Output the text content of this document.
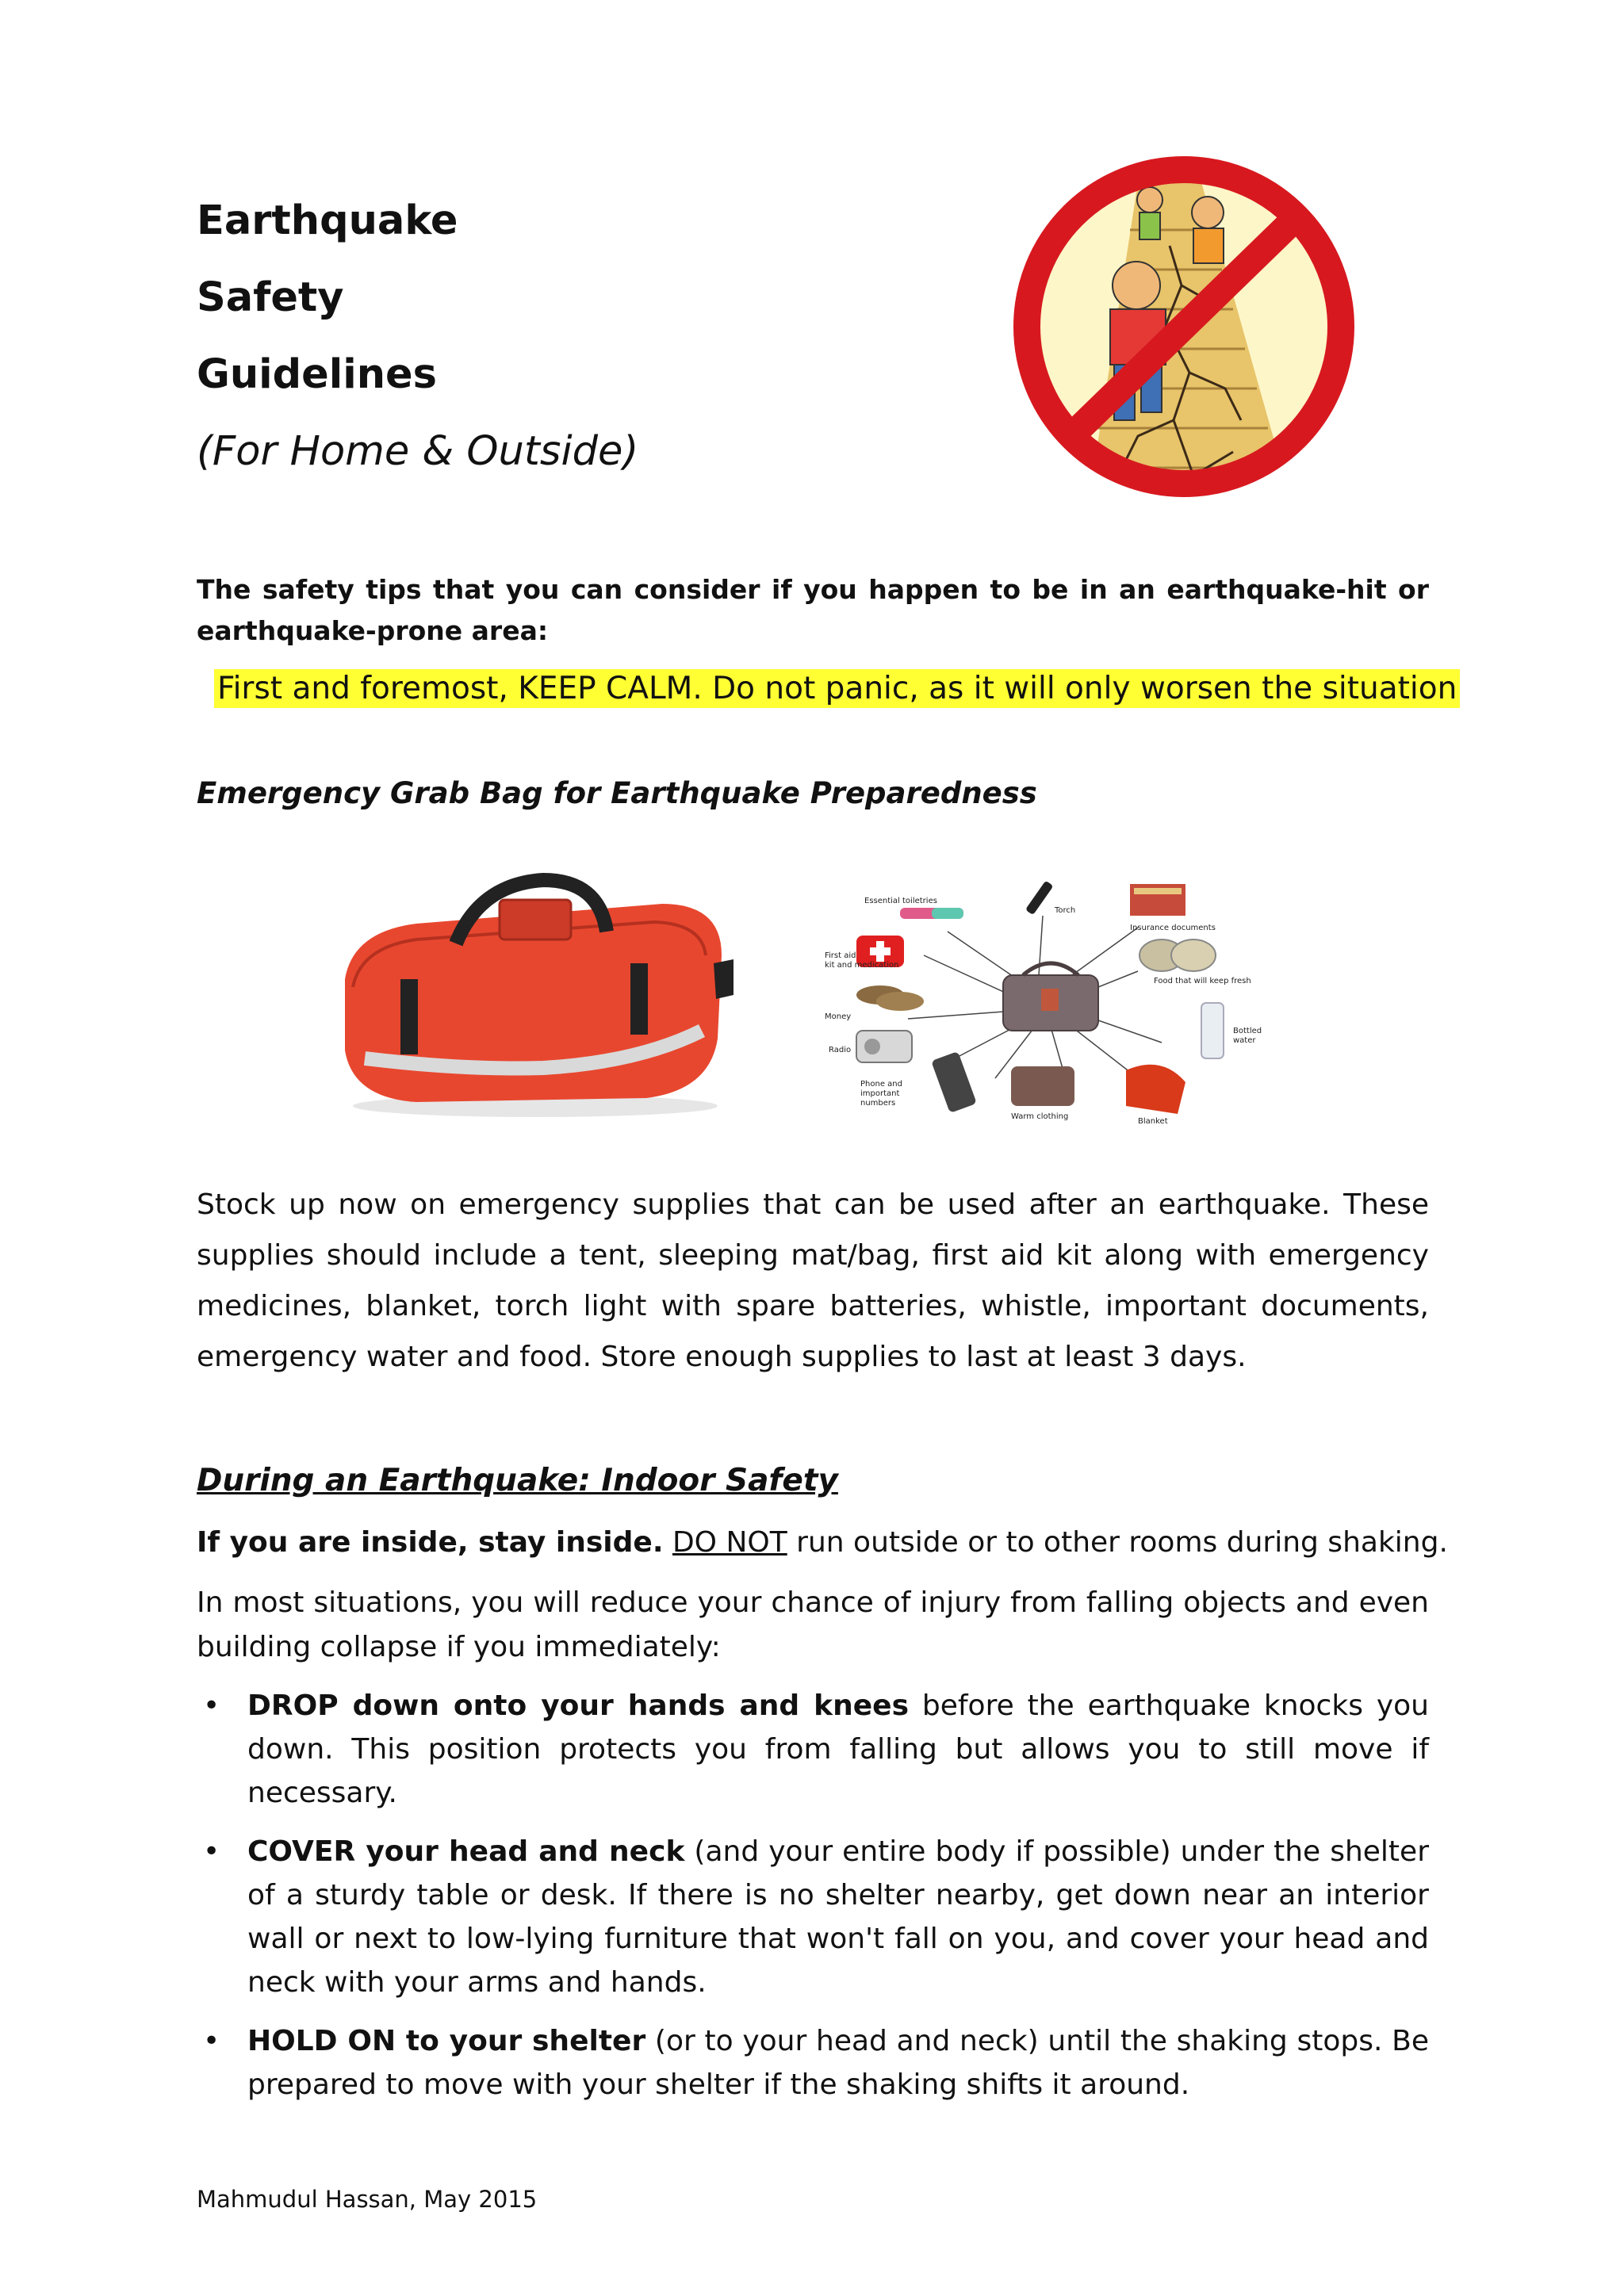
Earthquake
Safety
Guidelines
(For Home & Outside)
The safety tips that you can consider if you happen to be in an earthquake-hit or earthquake-prone area:
First and foremost, KEEP CALM. Do not panic, as it will only worsen the situation
Emergency Grab Bag for Earthquake Preparedness
Essential toiletries
Torch
First aid
kit and medication
Insurance documents
Food that will keep fresh
Money
Bottled
water
Radio
Phone and
important
numbers
Warm clothing
Blanket
Stock up now on emergency supplies that can be used after an earthquake. These supplies should include a tent, sleeping mat/bag, first aid kit along with emergency medicines, blanket, torch light with spare batteries, whistle, important documents, emergency water and food. Store enough supplies to last at least 3 days.
During an Earthquake: Indoor Safety
If you are inside, stay inside. DO NOT run outside or to other rooms during shaking.
In most situations, you will reduce your chance of injury from falling objects and even building collapse if you immediately:
• DROP down onto your hands and knees before the earthquake knocks you down. This position protects you from falling but allows you to still move if necessary.
• COVER your head and neck (and your entire body if possible) under the shelter of a sturdy table or desk. If there is no shelter nearby, get down near an interior wall or next to low-lying furniture that won't fall on you, and cover your head and neck with your arms and hands.
• HOLD ON to your shelter (or to your head and neck) until the shaking stops. Be prepared to move with your shelter if the shaking shifts it around.
Mahmudul Hassan, May 2015
